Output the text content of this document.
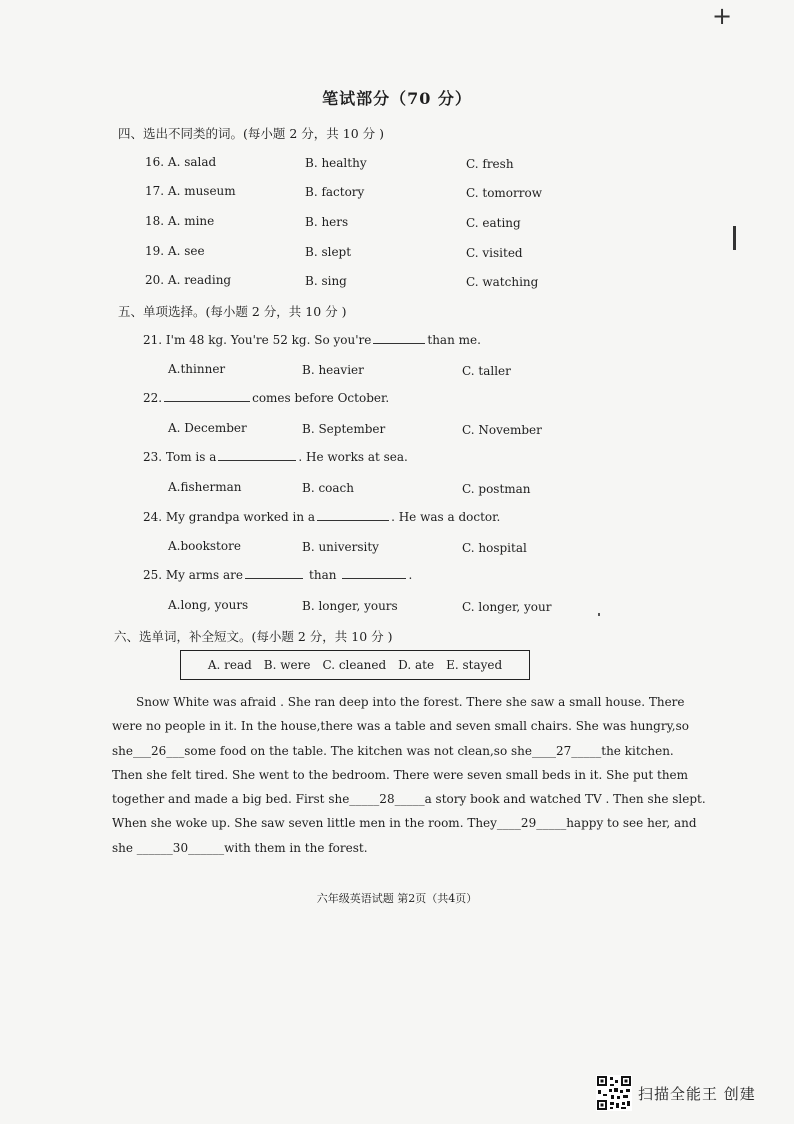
+
笔试部分（70 分）
四、选出不同类的词。(每小题 2 分，共 10 分 )
16. A. salad	B. healthy	C. fresh
17. A. museum	B. factory	C. tomorrow
18. A. mine	B. hers	C. eating
19. A. see	B. slept	C. visited
20. A. reading	B. sing	C. watching
五、单项选择。(每小题 2 分，共 10 分 )
21. I'm 48 kg. You're 52 kg. So you're	than me.
22.	comes before October.
23. Tom is a	. He works at sea.
24. My grandpa worked in a	. He was a doctor.
25. My arms are	than	.
A.thinner	B. heavier	C. taller
A. December	B. September	C. November
A.fisherman	B. coach	C. postman
A.bookstore	B. university	C. hospital
A.long, yours	B. longer, yours	C. longer, your
六、选单词，补全短文。(每小题 2 分，共 10 分 )
A. read B. were C. cleaned D. ate E. stayed
Snow White was afraid . She ran deep into the forest. There she saw a small house. There
were no people in it. In the house,there was a table and seven small chairs. She was hungry,so
she___26___some food on the table. The kitchen was not clean,so she____27_____the kitchen.
Then she felt tired. She went to the bedroom. There were seven small beds in it. She put them
together and made a big bed. First she_____28_____a story book and watched TV . Then she slept.
When she woke up. She saw seven little men in the room. They____29_____happy to see her, and
she ______30______with them in the forest.
六年级英语试题 第2页（共4页）
扫描全能王 创建
